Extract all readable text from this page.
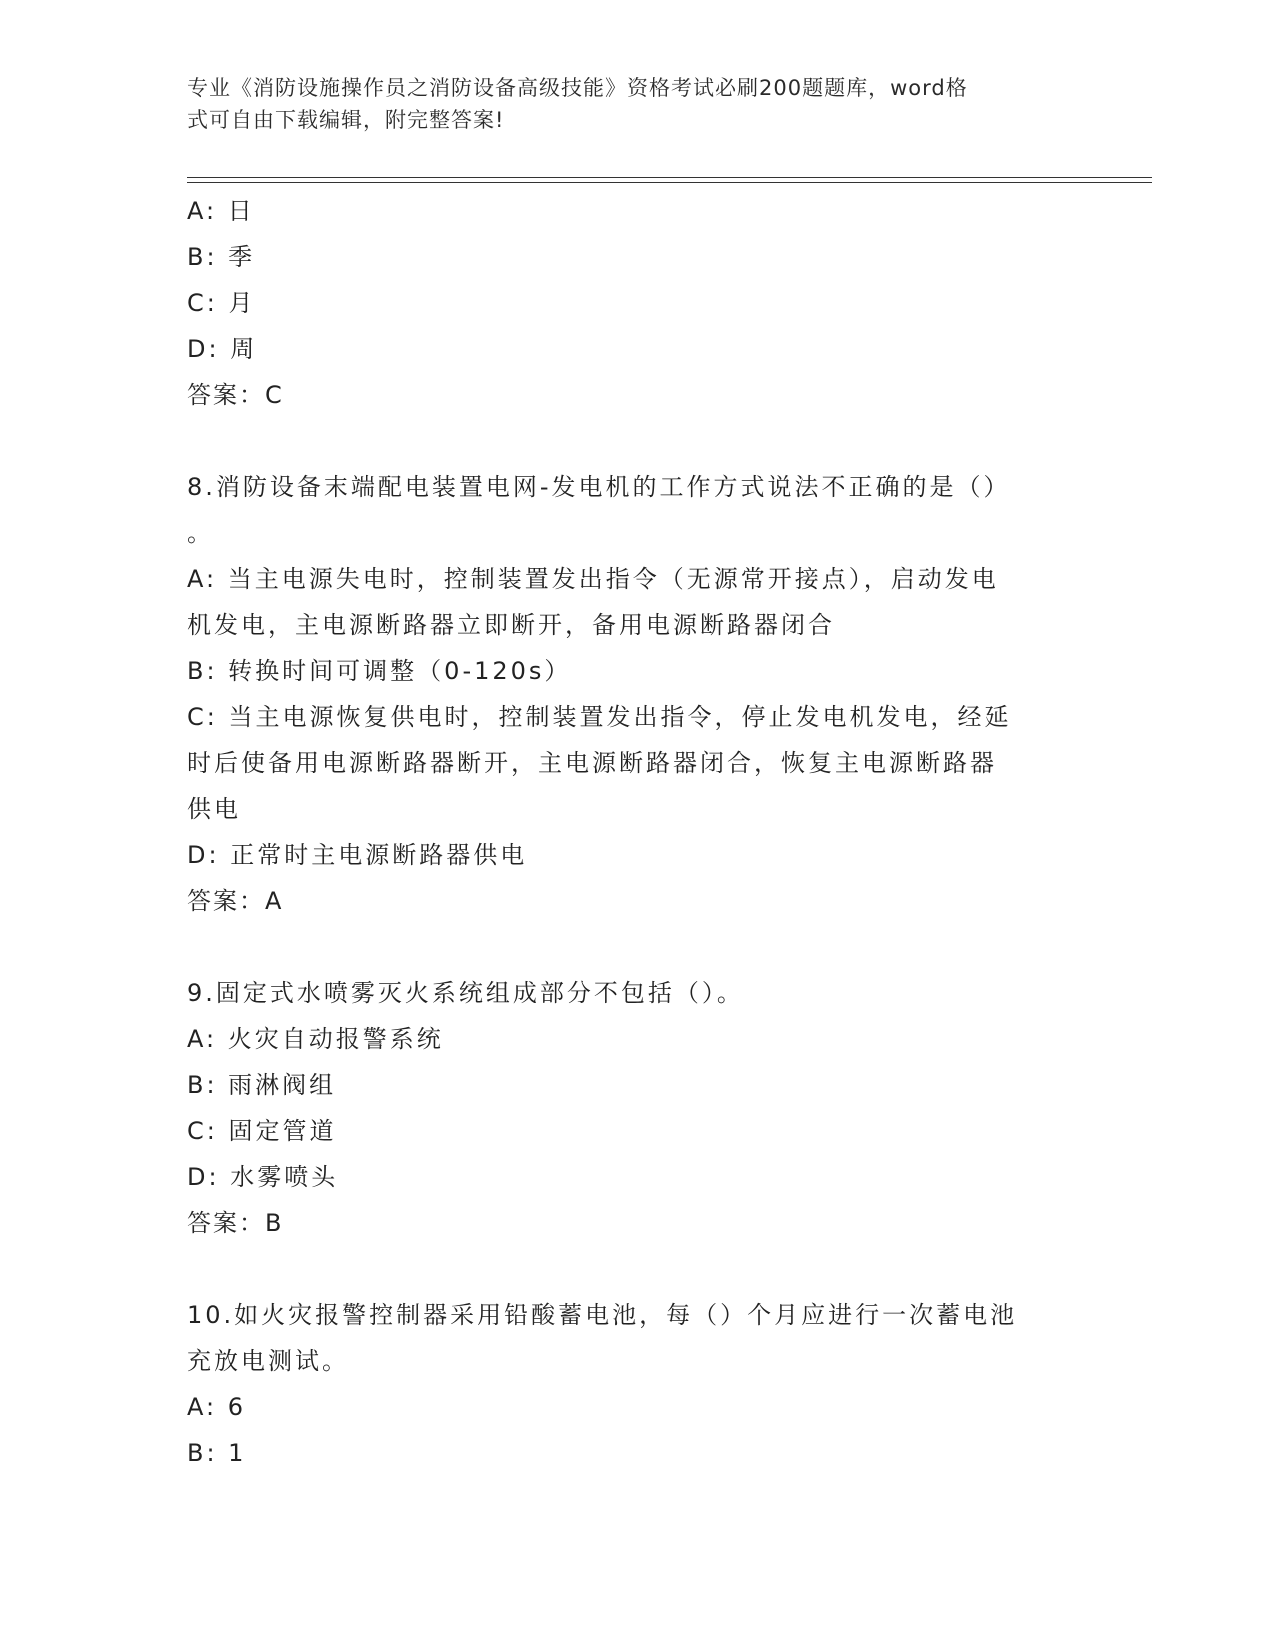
专业《消防设施操作员之消防设备高级技能》资格考试必刷200题题库，word格
式可自由下载编辑，附完整答案!
A: 日
B: 季
C: 月
D: 周
答案：C
8.消防设备末端配电装置电网-发电机的工作方式说法不正确的是（）
。
A: 当主电源失电时，控制装置发出指令（无源常开接点），启动发电
机发电，主电源断路器立即断开，备用电源断路器闭合
B: 转换时间可调整（0-120s）
C: 当主电源恢复供电时，控制装置发出指令，停止发电机发电，经延
时后使备用电源断路器断开，主电源断路器闭合，恢复主电源断路器
供电
D: 正常时主电源断路器供电
答案：A
9.固定式水喷雾灭火系统组成部分不包括（）。
A: 火灾自动报警系统
B: 雨淋阀组
C: 固定管道
D: 水雾喷头
答案：B
10.如火灾报警控制器采用铅酸蓄电池，每（）个月应进行一次蓄电池
充放电测试。
A: 6
B: 1
